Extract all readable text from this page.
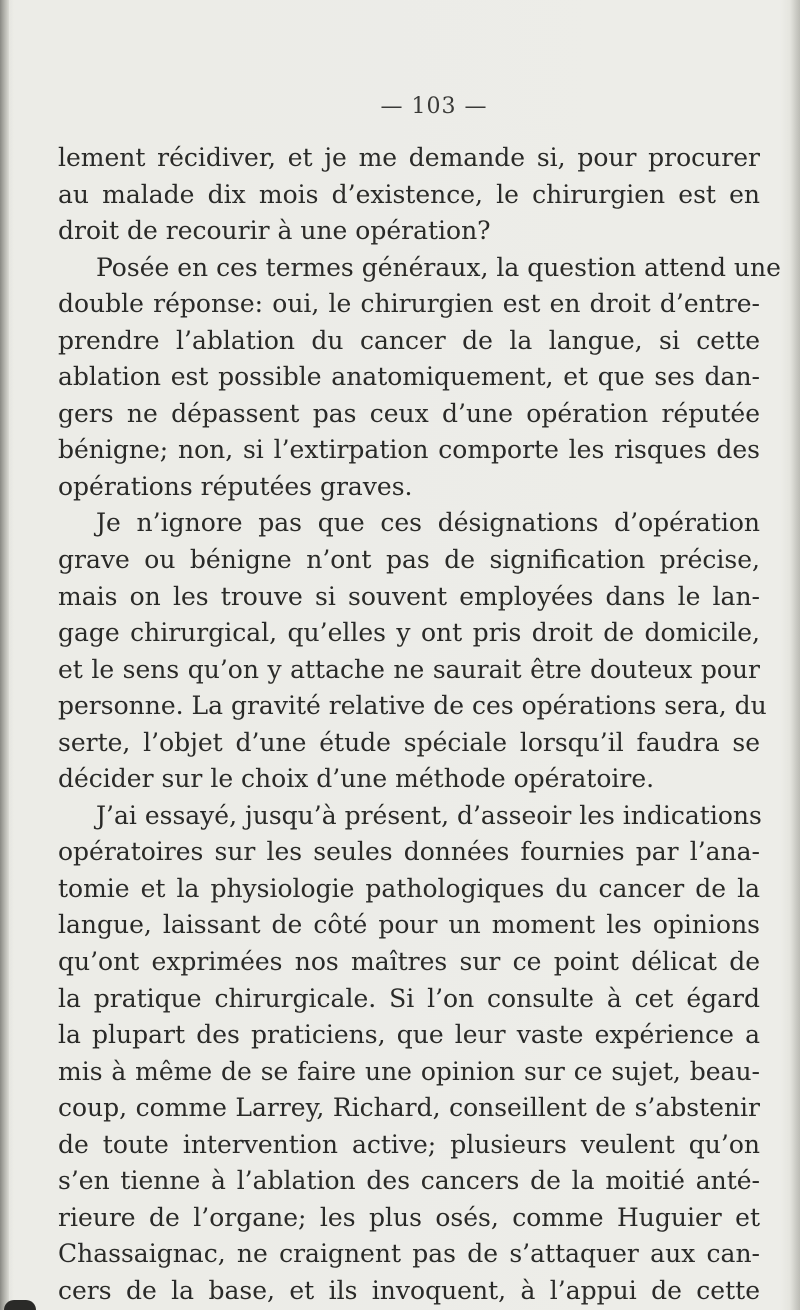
— 103 —
lement récidiver, et je me demande si, pour procurer
au malade dix mois d’existence, le chirurgien est en
droit de recourir à une opération?
Posée en ces termes généraux, la question attend une
double réponse: oui, le chirurgien est en droit d’entre-
prendre l’ablation du cancer de la langue, si cette
ablation est possible anatomiquement, et que ses dan-
gers ne dépassent pas ceux d’une opération réputée
bénigne; non, si l’extirpation comporte les risques des
opérations réputées graves.
Je n’ignore pas que ces désignations d’opération
grave ou bénigne n’ont pas de signification précise,
mais on les trouve si souvent employées dans le lan-
gage chirurgical, qu’elles y ont pris droit de domicile,
et le sens qu’on y attache ne saurait être douteux pour
personne. La gravité relative de ces opérations sera, du
serte, l’objet d’une étude spéciale lorsqu’il faudra se
décider sur le choix d’une méthode opératoire.
J’ai essayé, jusqu’à présent, d’asseoir les indications
opératoires sur les seules données fournies par l’ana-
tomie et la physiologie pathologiques du cancer de la
langue, laissant de côté pour un moment les opinions
qu’ont exprimées nos maîtres sur ce point délicat de
la pratique chirurgicale. Si l’on consulte à cet égard
la plupart des praticiens, que leur vaste expérience a
mis à même de se faire une opinion sur ce sujet, beau-
coup, comme Larrey, Richard, conseillent de s’abstenir
de toute intervention active; plusieurs veulent qu’on
s’en tienne à l’ablation des cancers de la moitié anté-
rieure de l’organe; les plus osés, comme Huguier et
Chassaignac, ne craignent pas de s’attaquer aux can-
cers de la base, et ils invoquent, à l’appui de cette
